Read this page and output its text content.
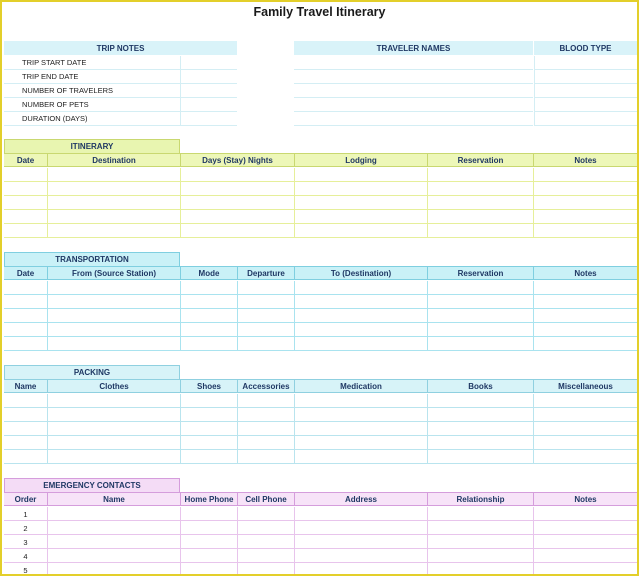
Family Travel Itinerary
TRIP NOTES	TRAVELER NAMES	BLOOD TYPE
TRIP START DATE
TRIP END DATE
NUMBER OF TRAVELERS
NUMBER OF PETS
DURATION (DAYS)
ITINERARY
Date	Destination	Days (Stay) Nights	Lodging	Reservation	Notes
TRANSPORTATION
Date	From (Source Station)	Mode	Departure	To (Destination)	Reservation	Notes
PACKING
Name	Clothes	Shoes	Accessories	Medication	Books	Miscellaneous
EMERGENCY CONTACTS
Order	Name	Home Phone	Cell Phone	Address	Relationship	Notes
1
2
3
4
5
